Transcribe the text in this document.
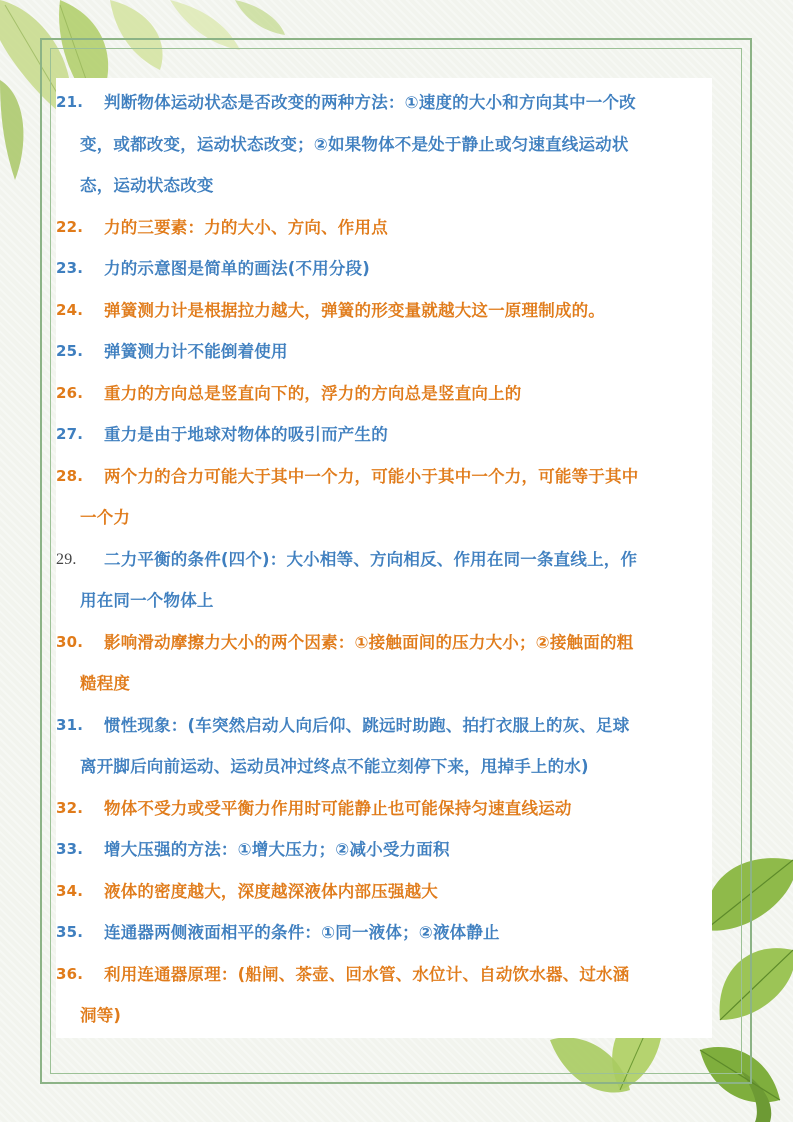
21.	判断物体运动状态是否改变的两种方法：①速度的大小和方向其中一个改
变，或都改变，运动状态改变；②如果物体不是处于静止或匀速直线运动状
态，运动状态改变
22.	力的三要素：力的大小、方向、作用点
23.	力的示意图是简单的画法(不用分段)
24.	弹簧测力计是根据拉力越大，弹簧的形变量就越大这一原理制成的。
25.	弹簧测力计不能倒着使用
26.	重力的方向总是竖直向下的，浮力的方向总是竖直向上的
27.	重力是由于地球对物体的吸引而产生的
28.	两个力的合力可能大于其中一个力，可能小于其中一个力，可能等于其中
一个力
29.	二力平衡的条件(四个)：大小相等、方向相反、作用在同一条直线上，作
用在同一个物体上
30.	影响滑动摩擦力大小的两个因素：①接触面间的压力大小；②接触面的粗
糙程度
31.	惯性现象：(车突然启动人向后仰、跳远时助跑、拍打衣服上的灰、足球
离开脚后向前运动、运动员冲过终点不能立刻停下来，甩掉手上的水)
32.	物体不受力或受平衡力作用时可能静止也可能保持匀速直线运动
33.	增大压强的方法：①增大压力；②减小受力面积
34.	液体的密度越大，深度越深液体内部压强越大
35.	连通器两侧液面相平的条件：①同一液体；②液体静止
36.	利用连通器原理：(船闸、茶壶、回水管、水位计、自动饮水器、过水涵
洞等)
